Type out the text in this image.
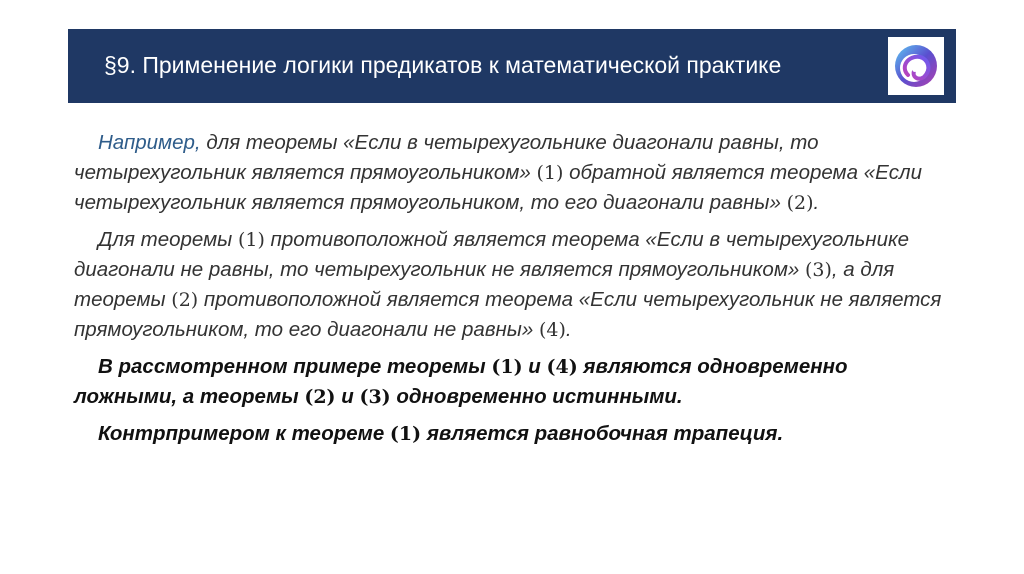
§9. Применение логики предикатов к математической практике

Например, для теоремы «Если в четырехугольнике диагонали равны, то четырехугольник является прямоугольником» (1) обратной является теорема «Если четырехугольник является прямоугольником, то его диагонали равны» (2).

Для теоремы (1) противоположной является теорема «Если в четырехугольнике диагонали не равны, то четырехугольник не является прямоугольником» (3), а для теоремы (2) противоположной является теорема «Если четырехугольник не является прямоугольником, то его диагонали не равны» (4).

В рассмотренном примере теоремы (1) и (4) являются одновременно ложными, а теоремы (2) и (3) одновременно истинными.

Контрпримером к теореме (1) является равнобочная трапеция.
